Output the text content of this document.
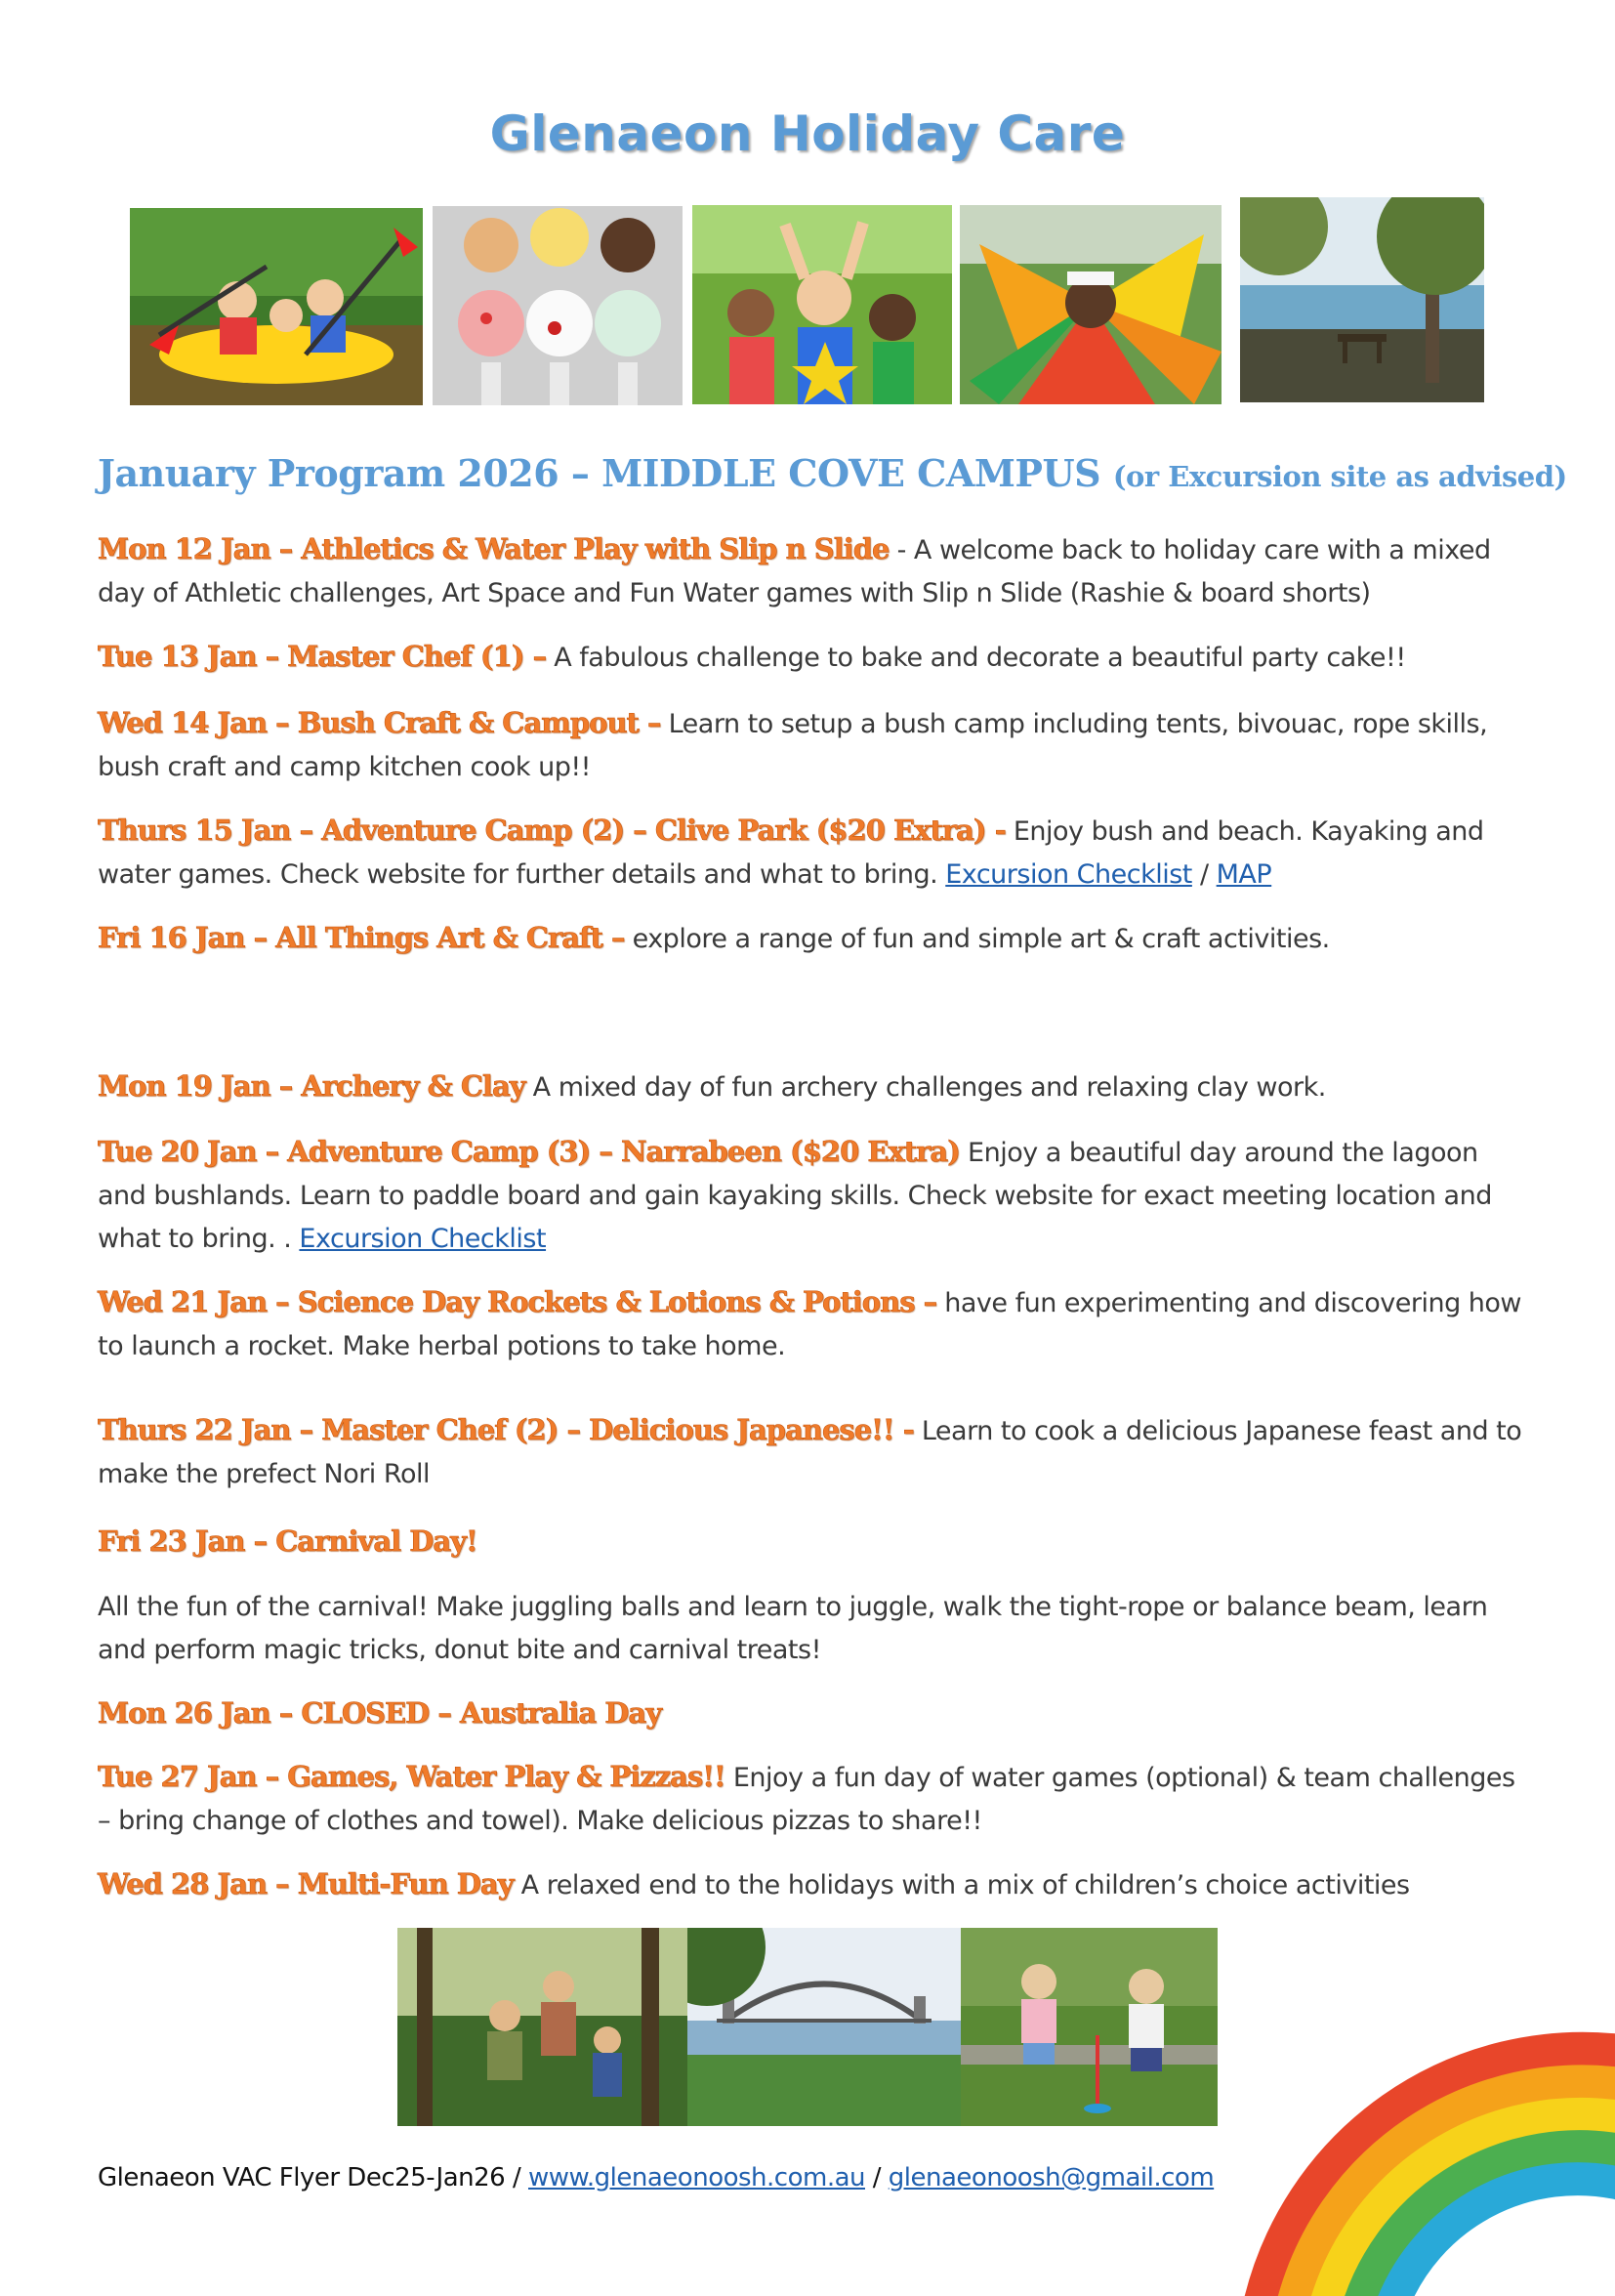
Glenaeon Holiday Care
January Program 2026 – MIDDLE COVE CAMPUS (or Excursion site as advised)
Mon 12 Jan – Athletics & Water Play with Slip n Slide - A welcome back to holiday care with a mixed day of Athletic challenges, Art Space and Fun Water games with Slip n Slide (Rashie & board shorts)
Tue 13 Jan – Master Chef (1) – A fabulous challenge to bake and decorate a beautiful party cake!!
Wed 14 Jan – Bush Craft & Campout – Learn to setup a bush camp including tents, bivouac, rope skills, bush craft and camp kitchen cook up!!
Thurs 15 Jan – Adventure Camp (2) – Clive Park ($20 Extra) - Enjoy bush and beach. Kayaking and water games. Check website for further details and what to bring. Excursion Checklist / MAP
Fri 16 Jan – All Things Art & Craft – explore a range of fun and simple art & craft activities.
Mon 19 Jan – Archery & Clay A mixed day of fun archery challenges and relaxing clay work.
Tue 20 Jan – Adventure Camp (3) – Narrabeen ($20 Extra) Enjoy a beautiful day around the lagoon and bushlands. Learn to paddle board and gain kayaking skills. Check website for exact meeting location and what to bring. . Excursion Checklist
Wed 21 Jan – Science Day Rockets & Lotions & Potions – have fun experimenting and discovering how to launch a rocket. Make herbal potions to take home.
Thurs 22 Jan – Master Chef (2) – Delicious Japanese!! - Learn to cook a delicious Japanese feast and to make the prefect Nori Roll
Fri 23 Jan – Carnival Day!
All the fun of the carnival! Make juggling balls and learn to juggle, walk the tight-rope or balance beam, learn and perform magic tricks, donut bite and carnival treats!
Mon 26 Jan – CLOSED – Australia Day
Tue 27 Jan – Games, Water Play & Pizzas!! Enjoy a fun day of water games (optional) & team challenges – bring change of clothes and towel). Make delicious pizzas to share!!
Wed 28 Jan – Multi-Fun Day A relaxed end to the holidays with a mix of children’s choice activities
Glenaeon VAC Flyer Dec25-Jan26 / www.glenaeonoosh.com.au / glenaeonoosh@gmail.com
